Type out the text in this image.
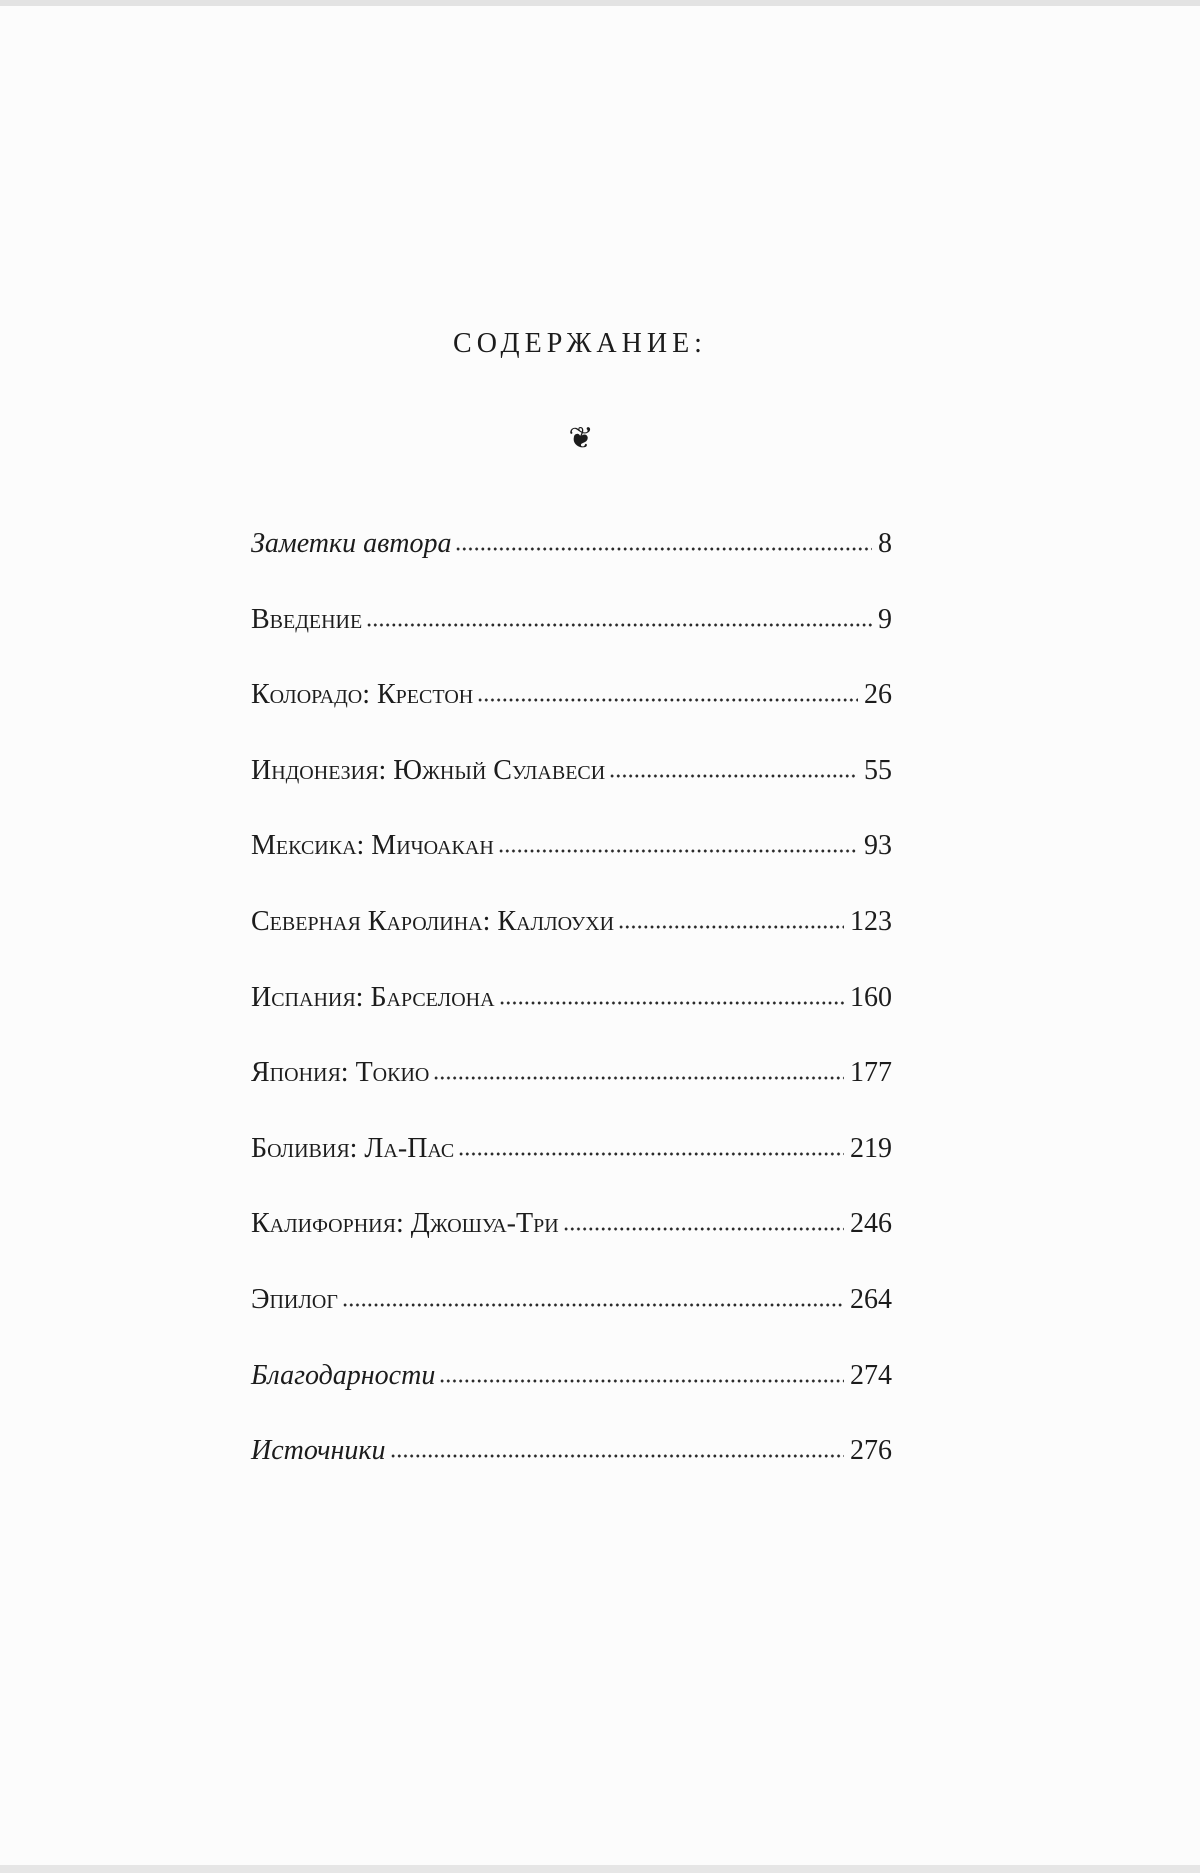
СОДЕРЖАНИЕ:
❦
Заметки автора	8
Введение	9
Колорадо: Крестон	26
Индонезия: Южный Сулавеси	55
Мексика: Мичоакан	93
Северная Каролина: Каллоухи	123
Испания: Барселона	160
Япония: Токио	177
Боливия: Ла-Пас	219
Калифорния: Джошуа-Три	246
Эпилог	264
Благодарности	274
Источники	276
